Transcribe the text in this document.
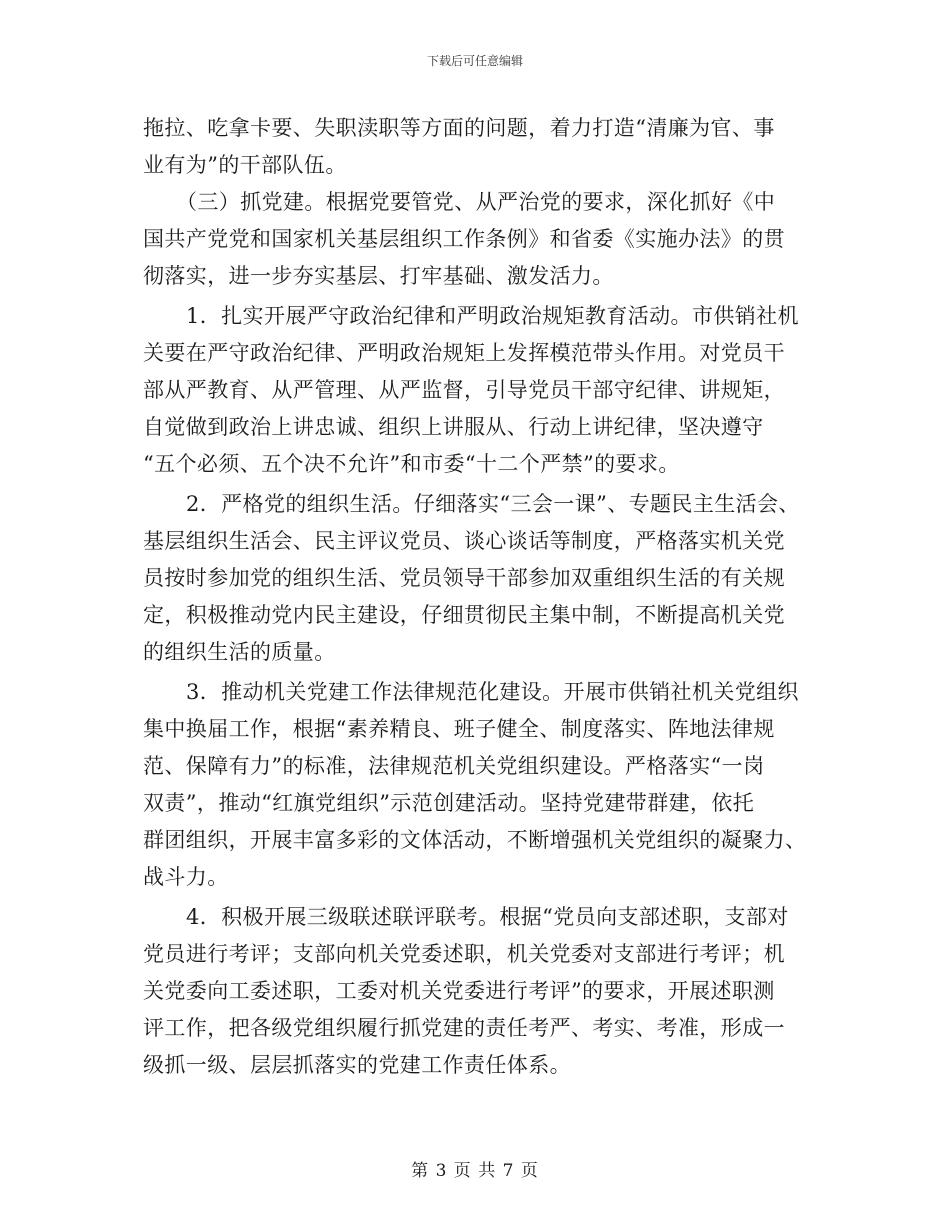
下载后可任意编辑
拖拉、吃拿卡要、失职渎职等方面的问题，着力打造“清廉为官、事
业有为”的干部队伍。
（三）抓党建。根据党要管党、从严治党的要求，深化抓好《中
国共产党党和国家机关基层组织工作条例》和省委《实施办法》的贯
彻落实，进一步夯实基层、打牢基础、激发活力。
1．扎实开展严守政治纪律和严明政治规矩教育活动。市供销社机
关要在严守政治纪律、严明政治规矩上发挥模范带头作用。对党员干
部从严教育、从严管理、从严监督，引导党员干部守纪律、讲规矩，
自觉做到政治上讲忠诚、组织上讲服从、行动上讲纪律，坚决遵守
“五个必须、五个决不允许”和市委“十二个严禁”的要求。
2．严格党的组织生活。仔细落实“三会一课”、专题民主生活会、
基层组织生活会、民主评议党员、谈心谈话等制度，严格落实机关党
员按时参加党的组织生活、党员领导干部参加双重组织生活的有关规
定，积极推动党内民主建设，仔细贯彻民主集中制，不断提高机关党
的组织生活的质量。
3．推动机关党建工作法律规范化建设。开展市供销社机关党组织
集中换届工作，根据“素养精良、班子健全、制度落实、阵地法律规
范、保障有力”的标准，法律规范机关党组织建设。严格落实“一岗
双责”，推动“红旗党组织”示范创建活动。坚持党建带群建，依托
群团组织，开展丰富多彩的文体活动，不断增强机关党组织的凝聚力、
战斗力。
4．积极开展三级联述联评联考。根据“党员向支部述职，支部对
党员进行考评；支部向机关党委述职，机关党委对支部进行考评；机
关党委向工委述职，工委对机关党委进行考评”的要求，开展述职测
评工作，把各级党组织履行抓党建的责任考严、考实、考准，形成一
级抓一级、层层抓落实的党建工作责任体系。
第 3 页 共 7 页
